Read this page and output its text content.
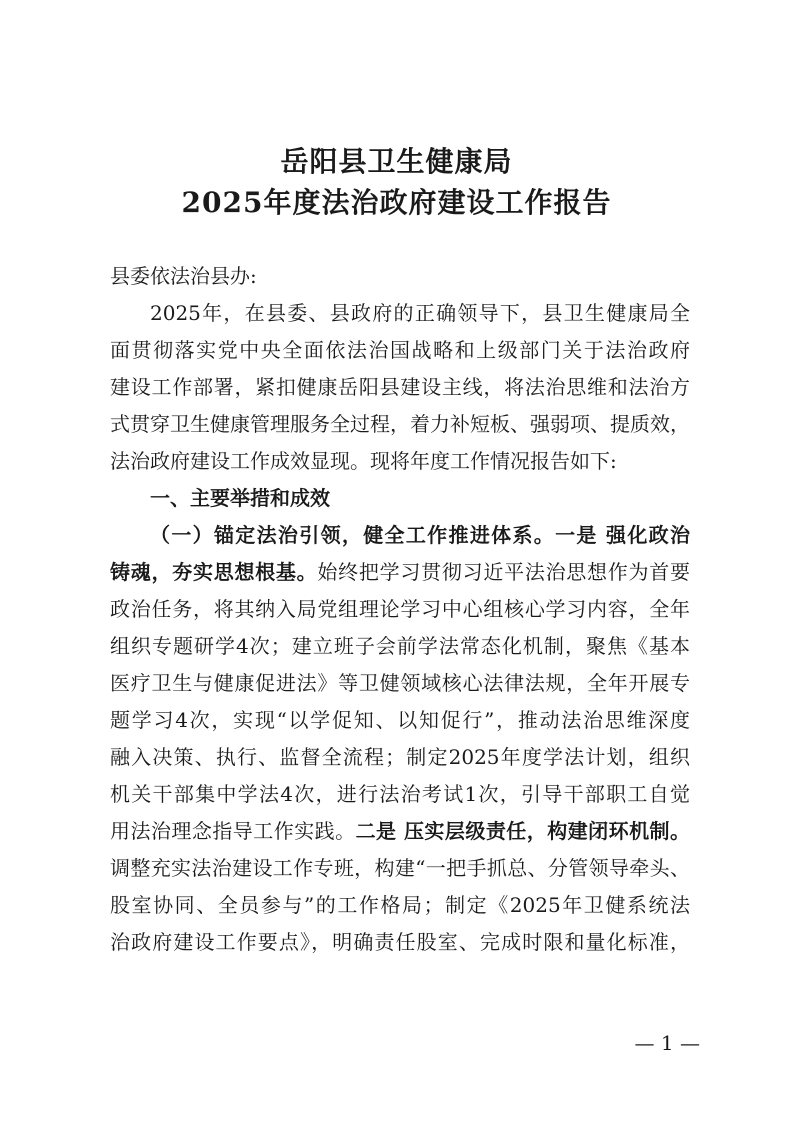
岳阳县卫生健康局
2025年度法治政府建设工作报告
县委依法治县办:
2025年，在县委、县政府的正确领导下，县卫生健康局全
面贯彻落实党中央全面依法治国战略和上级部门关于法治政府
建设工作部署，紧扣健康岳阳县建设主线，将法治思维和法治方
式贯穿卫生健康管理服务全过程，着力补短板、强弱项、提质效，
法治政府建设工作成效显现。现将年度工作情况报告如下:
一、主要举措和成效
（一）锚定法治引领，健全工作推进体系。一是 强化政治
铸魂，夯实思想根基。始终把学习贯彻习近平法治思想作为首要
政治任务，将其纳入局党组理论学习中心组核心学习内容，全年
组织专题研学4次；建立班子会前学法常态化机制，聚焦《基本
医疗卫生与健康促进法》等卫健领域核心法律法规，全年开展专
题学习4次，实现“以学促知、以知促行”，推动法治思维深度
融入决策、执行、监督全流程；制定2025年度学法计划，组织
机关干部集中学法4次，进行法治考试1次，引导干部职工自觉
用法治理念指导工作实践。二是 压实层级责任，构建闭环机制。
调整充实法治建设工作专班，构建“一把手抓总、分管领导牵头、
股室协同、全员参与”的工作格局；制定《2025年卫健系统法
治政府建设工作要点》，明确责任股室、完成时限和量化标准，
— 1 —
